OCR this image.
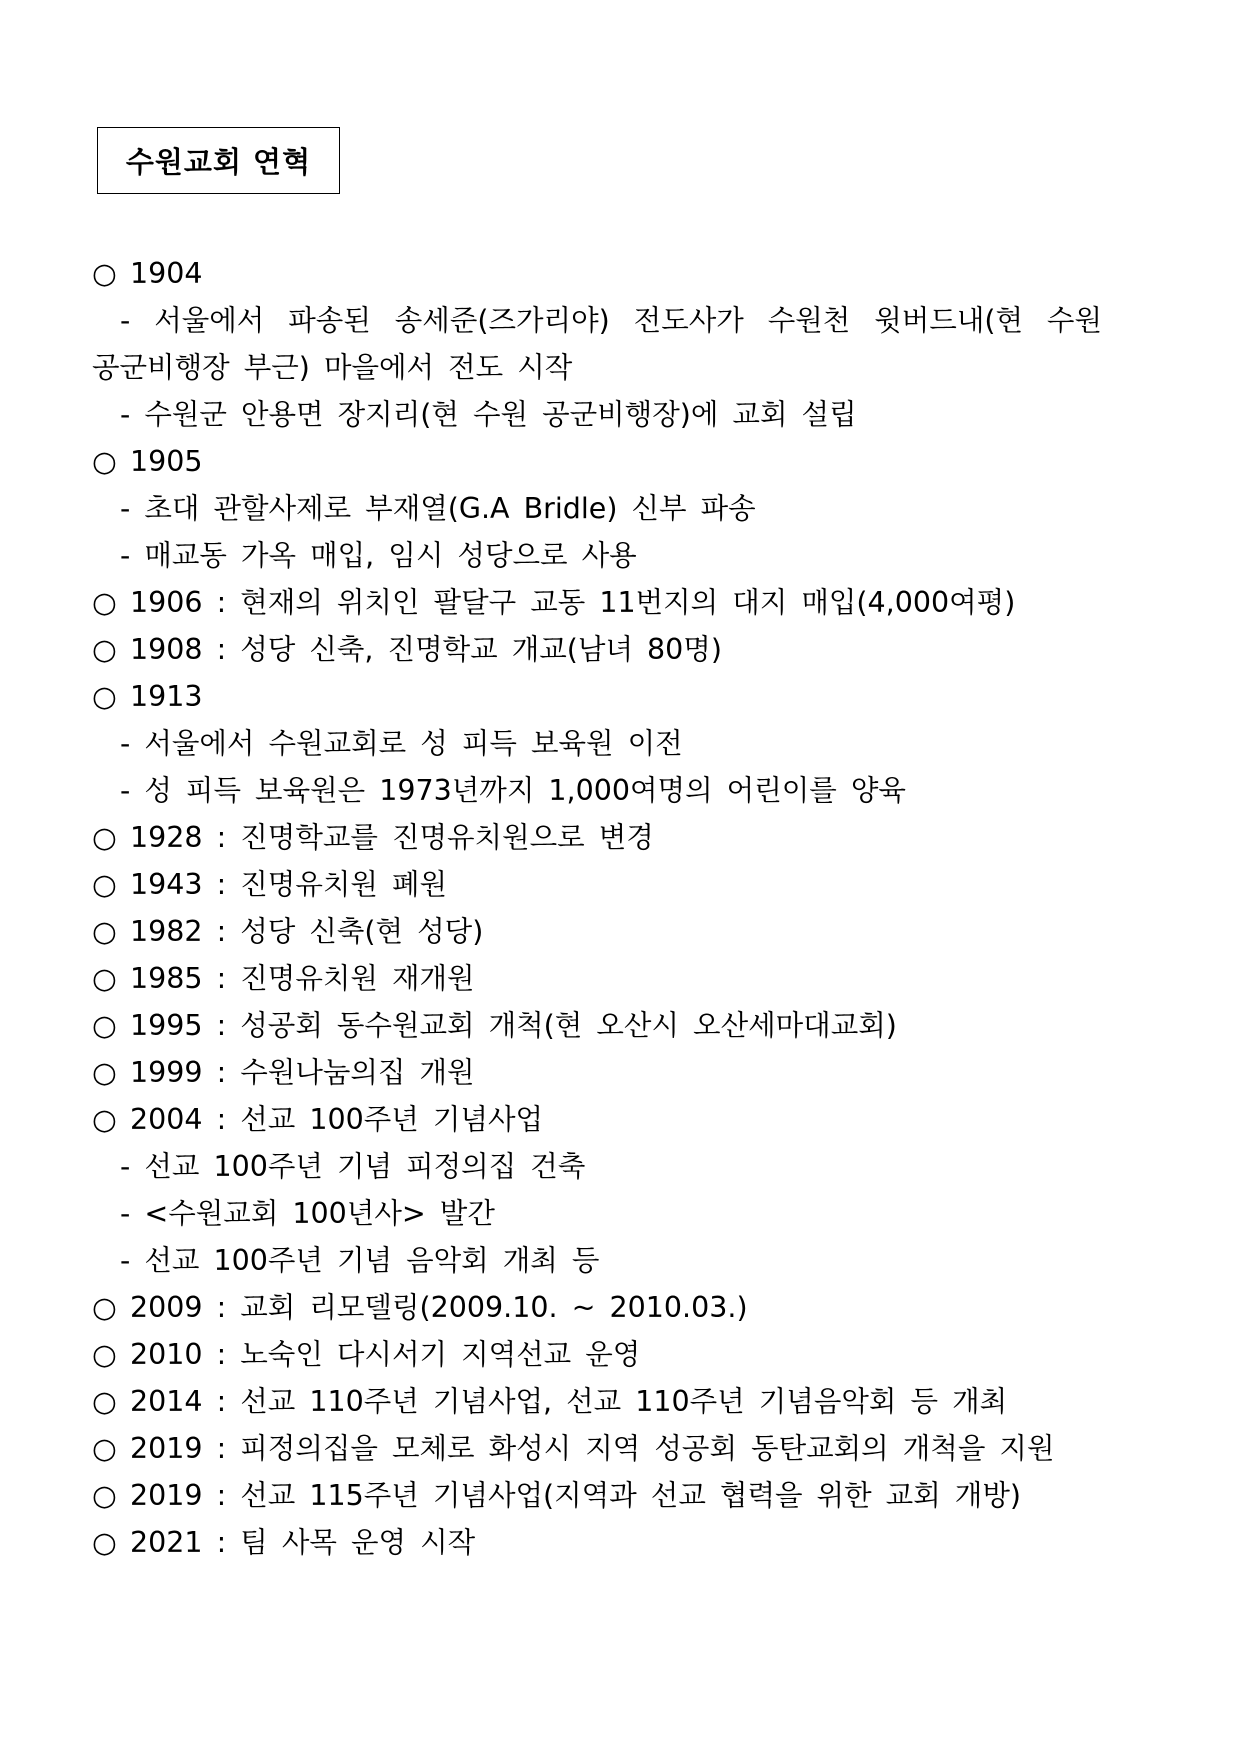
수원교회 연혁
○ 1904
- 서울에서 파송된 송세준(즈가리야) 전도사가 수원천 윗버드내(현 수원
공군비행장 부근) 마을에서 전도 시작
- 수원군 안용면 장지리(현 수원 공군비행장)에 교회 설립
○ 1905
- 초대 관할사제로 부재열(G.A Bridle) 신부 파송
- 매교동 가옥 매입, 임시 성당으로 사용
○ 1906 : 현재의 위치인 팔달구 교동 11번지의 대지 매입(4,000여평)
○ 1908 : 성당 신축, 진명학교 개교(남녀 80명)
○ 1913
- 서울에서 수원교회로 성 피득 보육원 이전
- 성 피득 보육원은 1973년까지 1,000여명의 어린이를 양육
○ 1928 : 진명학교를 진명유치원으로 변경
○ 1943 : 진명유치원 폐원
○ 1982 : 성당 신축(현 성당)
○ 1985 : 진명유치원 재개원
○ 1995 : 성공회 동수원교회 개척(현 오산시 오산세마대교회)
○ 1999 : 수원나눔의집 개원
○ 2004 : 선교 100주년 기념사업
- 선교 100주년 기념 피정의집 건축
- <수원교회 100년사> 발간
- 선교 100주년 기념 음악회 개최 등
○ 2009 : 교회 리모델링(2009.10. ~ 2010.03.)
○ 2010 : 노숙인 다시서기 지역선교 운영
○ 2014 : 선교 110주년 기념사업, 선교 110주년 기념음악회 등 개최
○ 2019 : 피정의집을 모체로 화성시 지역 성공회 동탄교회의 개척을 지원
○ 2019 : 선교 115주년 기념사업(지역과 선교 협력을 위한 교회 개방)
○ 2021 : 팀 사목 운영 시작
